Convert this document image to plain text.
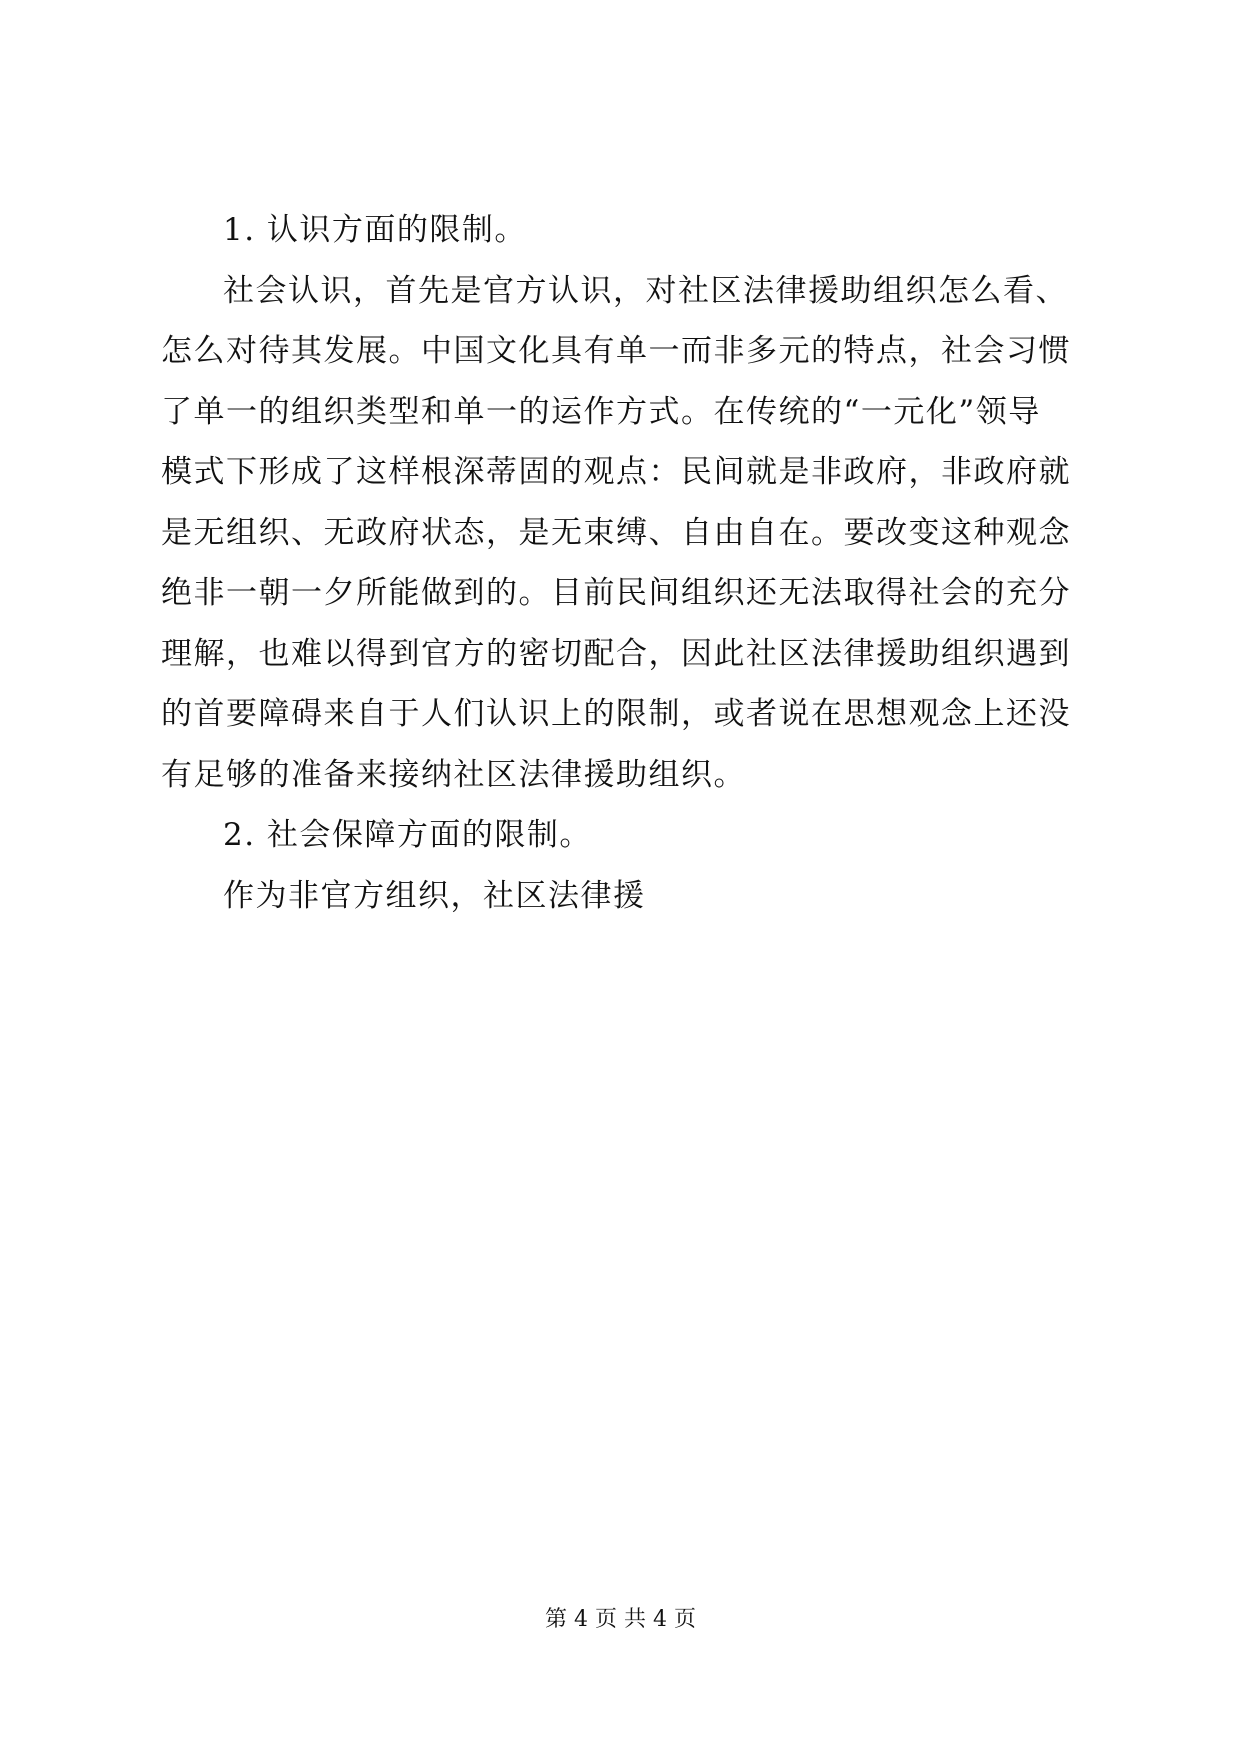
1. 认识方面的限制。

社会认识，首先是官方认识，对社区法律援助组织怎么看、
怎么对待其发展。中国文化具有单一而非多元的特点，社会习惯
了单一的组织类型和单一的运作方式。在传统的“一元化”领导
模式下形成了这样根深蒂固的观点：民间就是非政府，非政府就
是无组织、无政府状态，是无束缚、自由自在。要改变这种观念
绝非一朝一夕所能做到的。目前民间组织还无法取得社会的充分
理解，也难以得到官方的密切配合，因此社区法律援助组织遇到
的首要障碍来自于人们认识上的限制，或者说在思想观念上还没
有足够的准备来接纳社区法律援助组织。

2. 社会保障方面的限制。

作为非官方组织，社区法律援

第 4 页 共 4 页
